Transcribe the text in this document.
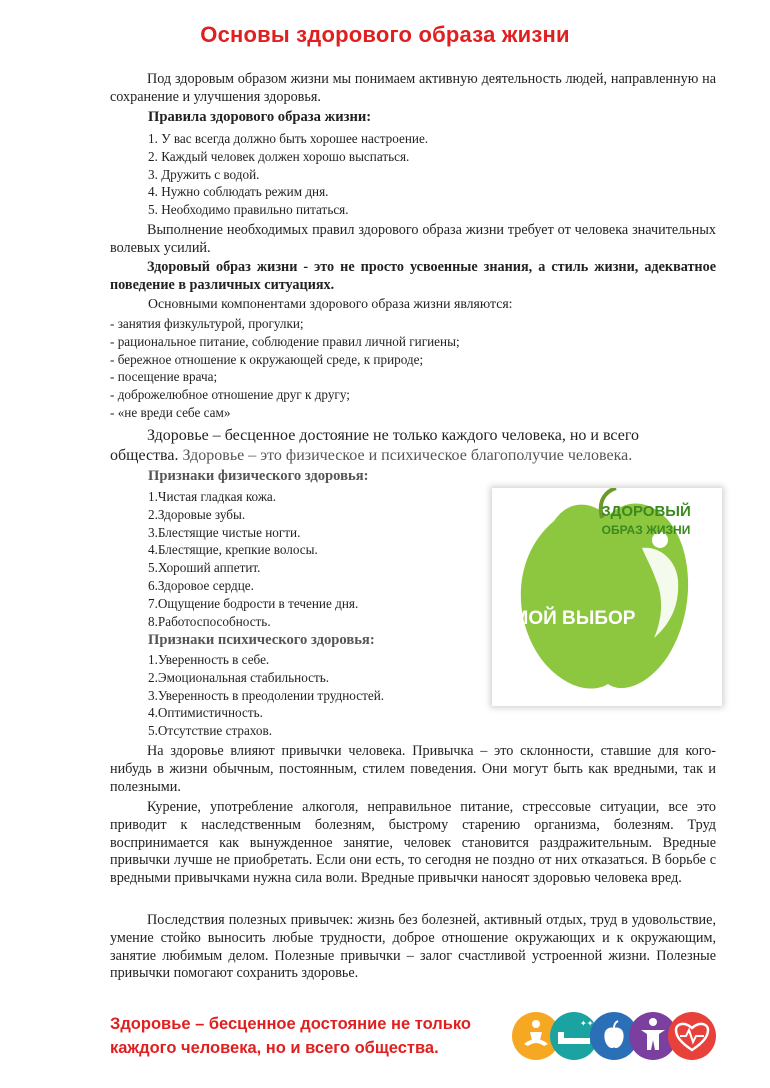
Основы здорового образа жизни
Под здоровым образом жизни мы понимаем активную деятельность людей, направленную на сохранение и улучшения здоровья.
Правила здорового образа жизни:
1. У вас всегда должно быть хорошее настроение.
2. Каждый человек должен хорошо выспаться.
3. Дружить с водой.
4. Нужно соблюдать режим дня.
5. Необходимо правильно питаться.
Выполнение необходимых правил здорового образа жизни требует от человека значительных волевых усилий.
Здоровый образ жизни - это не просто усвоенные знания, а стиль жизни, адекватное поведение в различных ситуациях.
Основными компонентами здорового образа жизни являются:
- занятия физкультурой, прогулки;
- рациональное питание, соблюдение правил личной гигиены;
- бережное отношение к окружающей среде, к природе;
- посещение врача;
- доброжелюбное отношение друг к другу;
- «не вреди себе сам»
Здоровье – бесценное достояние не только каждого человека, но и всего
общества. Здоровье – это физическое и психическое благополучие человека.
Признаки физического здоровья:
1.Чистая гладкая кожа.
2.Здоровые зубы.
3.Блестящие чистые ногти.
4.Блестящие, крепкие волосы.
5.Хороший аппетит.
6.Здоровое сердце.
7.Ощущение бодрости в течение дня.
8.Работоспособность.
Признаки психического здоровья:
1.Уверенность в себе.
2.Эмоциональная стабильность.
3.Уверенность в преодолении трудностей.
4.Оптимистичность.
5.Отсутствие страхов.
ЗДОРОВЫЙ
ОБРАЗ ЖИЗНИ
МОЙ ВЫБОР
На здоровье влияют привычки человека. Привычка – это склонности, ставшие для кого-нибудь в жизни обычным, постоянным, стилем поведения. Они могут быть как вредными, так и полезными.
Курение, употребление алкоголя, неправильное питание, стрессовые ситуации, все это приводит к наследственным болезням, быстрому старению организма, болезням. Труд воспринимается как вынужденное занятие, человек становится раздражительным. Вредные привычки лучше не приобретать. Если они есть, то сегодня не поздно от них отказаться. В борьбе с вредными привычками нужна сила воли. Вредные привычки наносят здоровью человека вред.
Последствия полезных привычек: жизнь без болезней, активный отдых, труд в удовольствие, умение стойко выносить любые трудности, доброе отношение окружающих и к окружающим, занятие любимым делом. Полезные привычки – залог счастливой устроенной жизни. Полезные привычки помогают сохранить здоровье.
Здоровье – бесценное достояние не только каждого человека, но и всего общества.
✦✦
